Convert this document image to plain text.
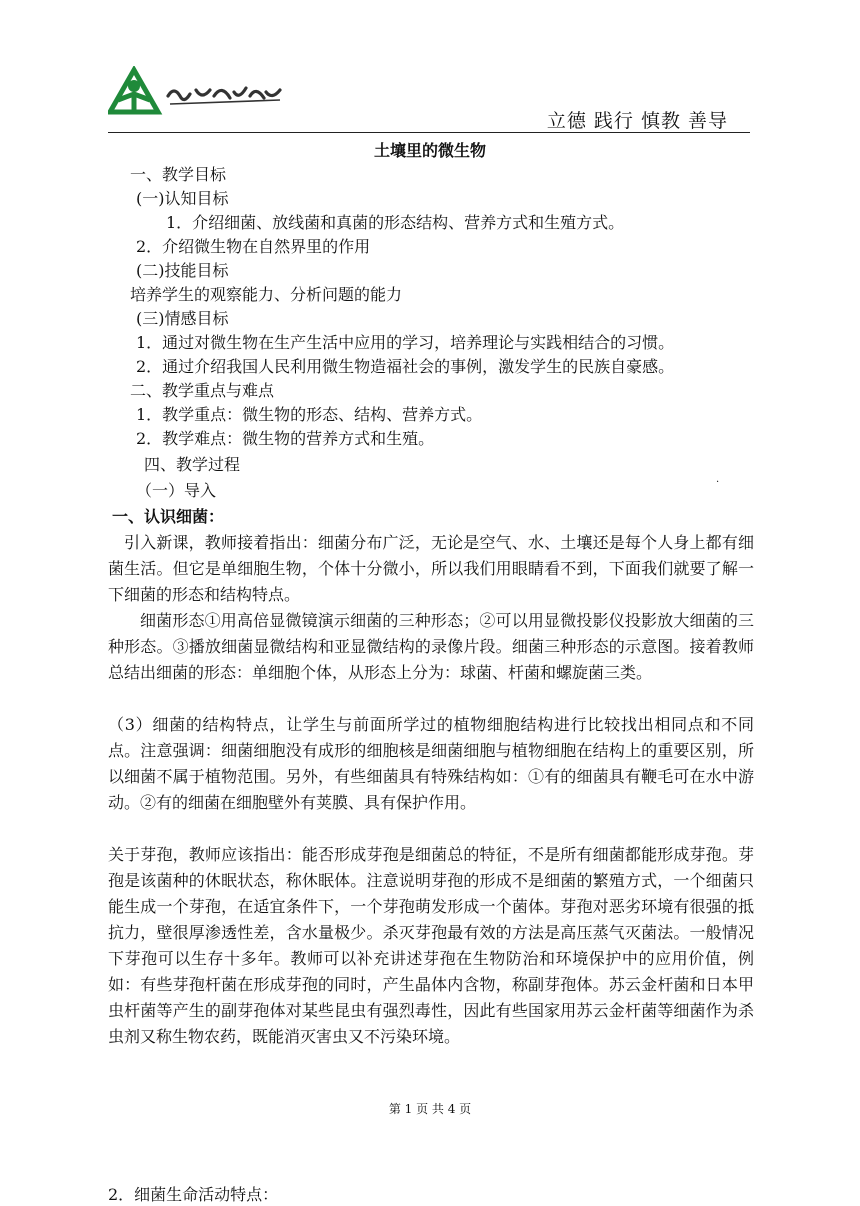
立德 践行 慎教 善导
土壤里的微生物
一、教学目标
(一)认知目标
1．介绍细菌、放线菌和真菌的形态结构、营养方式和生殖方式。
2．介绍微生物在自然界里的作用
(二)技能目标
培养学生的观察能力、分析问题的能力
(三)情感目标
1．通过对微生物在生产生活中应用的学习，培养理论与实践相结合的习惯。
2．通过介绍我国人民利用微生物造福社会的事例，激发学生的民族自豪感。
二、教学重点与难点
1．教学重点：微生物的形态、结构、营养方式。
2．教学难点：微生物的营养方式和生殖。
四、教学过程
.
（一）导入
一、认识细菌：
引入新课，教师接着指出：细菌分布广泛，无论是空气、水、土壤还是每个人身上都有细菌生活。但它是单细胞生物，个体十分微小，所以我们用眼睛看不到，下面我们就要了解一下细菌的形态和结构特点。
细菌形态①用高倍显微镜演示细菌的三种形态；②可以用显微投影仪投影放大细菌的三种形态。③播放细菌显微结构和亚显微结构的录像片段。细菌三种形态的示意图。接着教师总结出细菌的形态：单细胞个体，从形态上分为：球菌、杆菌和螺旋菌三类。
（3）细菌的结构特点，让学生与前面所学过的植物细胞结构进行比较找出相同点和不同点。注意强调：细菌细胞没有成形的细胞核是细菌细胞与植物细胞在结构上的重要区别，所以细菌不属于植物范围。另外，有些细菌具有特殊结构如：①有的细菌具有鞭毛可在水中游动。②有的细菌在细胞壁外有荚膜、具有保护作用。
关于芽孢，教师应该指出：能否形成芽孢是细菌总的特征，不是所有细菌都能形成芽孢。芽孢是该菌种的休眠状态，称休眠体。注意说明芽孢的形成不是细菌的繁殖方式，一个细菌只能生成一个芽孢，在适宜条件下，一个芽孢萌发形成一个菌体。芽孢对恶劣环境有很强的抵抗力，壁很厚渗透性差，含水量极少。杀灭芽孢最有效的方法是高压蒸气灭菌法。一般情况下芽孢可以生存十多年。教师可以补充讲述芽孢在生物防治和环境保护中的应用价值，例如：有些芽孢杆菌在形成芽孢的同时，产生晶体内含物，称副芽孢体。苏云金杆菌和日本甲虫杆菌等产生的副芽孢体对某些昆虫有强烈毒性，因此有些国家用苏云金杆菌等细菌作为杀虫剂又称生物农药，既能消灭害虫又不污染环境。
2．细菌生命活动特点：
第 1 页 共 4 页
